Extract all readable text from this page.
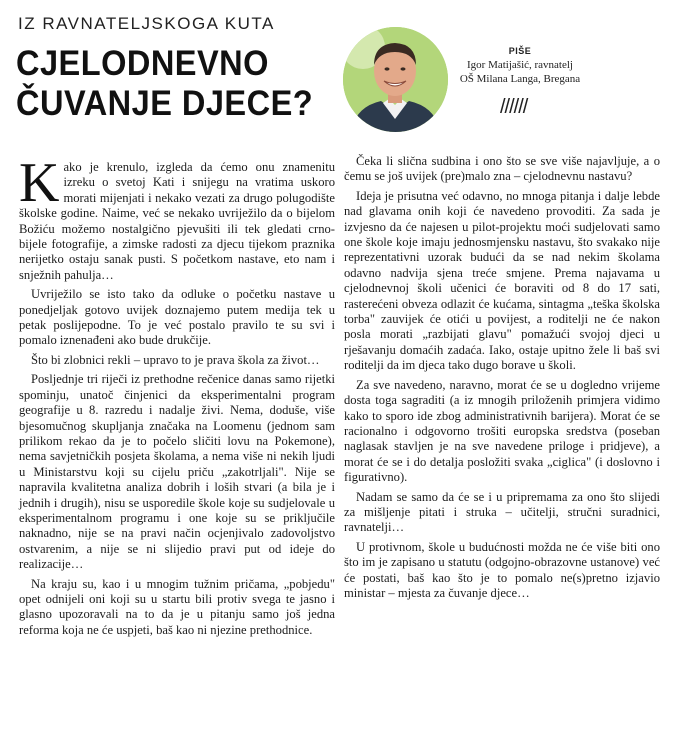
IZ RAVNATELJSKOGA KUTA
CJELODNEVNO
ČUVANJE DJECE?
PIŠE
Igor Matijašić, ravnatelj
OŠ Milana Langa, Bregana
//////

Kako je krenulo, izgleda da ćemo onu znamenitu izreku o svetoj Kati i snijegu na vratima uskoro morati mijenjati i nekako vezati za drugo polugodište školske godine. Naime, već se nekako uvriježilo da o bijelom Božiću možemo nostalgično pjevušiti ili tek gledati crno-bijele fotografije, a zimske radosti za djecu tijekom praznika nerijetko ostaju sanak pusti. S početkom nastave, eto nam i snježnih pahulja…

Uvriježilo se isto tako da odluke o početku nastave u ponedjeljak gotovo uvijek doznajemo putem medija tek u petak poslijepodne. To je već postalo pravilo te su svi i pomalo iznenađeni ako bude drukčije.

Što bi zlobnici rekli – upravo to je prava škola za život…

Posljednje tri riječi iz prethodne rečenice danas samo rijetki spominju, unatoč činjenici da eksperimentalni program geografije u 8. razredu i nadalje živi. Nema, doduše, više bjesomučnog skupljanja značaka na Loomenu (jednom sam prilikom rekao da je to počelo sličiti lovu na Pokemone), nema savjetničkih posjeta školama, a nema više ni nekih ljudi u Ministarstvu koji su cijelu priču „zakotrljali". Nije se napravila kvalitetna analiza dobrih i loših stvari (a bila je i jednih i drugih), nisu se usporedile škole koje su sudjelovale u eksperimentalnom programu i one koje su se priključile naknadno, nije se na pravi način ocjenjivalo zadovoljstvo ostvarenim, a nije se ni slijedio pravi put od ideje do realizacije…

Na kraju su, kao i u mnogim tužnim pričama, „pobjedu" opet odnijeli oni koji su u startu bili protiv svega te jasno i glasno upozoravali na to da je u pitanju samo još jedna reforma koja ne će uspjeti, baš kao ni njezine prethodnice.

Čeka li slična sudbina i ono što se sve više najavljuje, a o čemu se još uvijek (pre)malo zna – cjelodnevnu nastavu?

Ideja je prisutna već odavno, no mnoga pitanja i dalje lebde nad glavama onih koji će navedeno provoditi. Za sada je izvjesno da će najesen u pilot-projektu moći sudjelovati samo one škole koje imaju jednosmjensku nastavu, što svakako nije reprezentativni uzorak budući da se nad nekim školama odavno nadvija sjena treće smjene. Prema najavama u cjelodnevnoj školi učenici će boraviti od 8 do 17 sati, rasterećeni obveza odlazit će kućama, sintagma „teška školska torba" zauvijek će otići u povijest, a roditelji ne će nakon posla morati „razbijati glavu" pomažući svojoj djeci u rješavanju domaćih zadaća. Iako, ostaje upitno žele li baš svi roditelji da im djeca tako dugo borave u školi.

Za sve navedeno, naravno, morat će se u dogledno vrijeme dosta toga sagraditi (a iz mnogih priloženih primjera vidimo kako to sporo ide zbog administrativnih barijera). Morat će se racionalno i odgovorno trošiti europska sredstva (poseban naglasak stavljen je na sve navedene priloge i pridjeve), a morat će se i do detalja posložiti svaka „ciglica" (i doslovno i figurativno).

Nadam se samo da će se i u pripremama za ono što slijedi za mišljenje pitati i struka – učitelji, stručni suradnici, ravnatelji…

U protivnom, škole u budućnosti možda ne će više biti ono što im je zapisano u statutu (odgojno-obrazovne ustanove) već će postati, baš kao što je to pomalo ne(s)pretno izjavio ministar – mjesta za čuvanje djece…
